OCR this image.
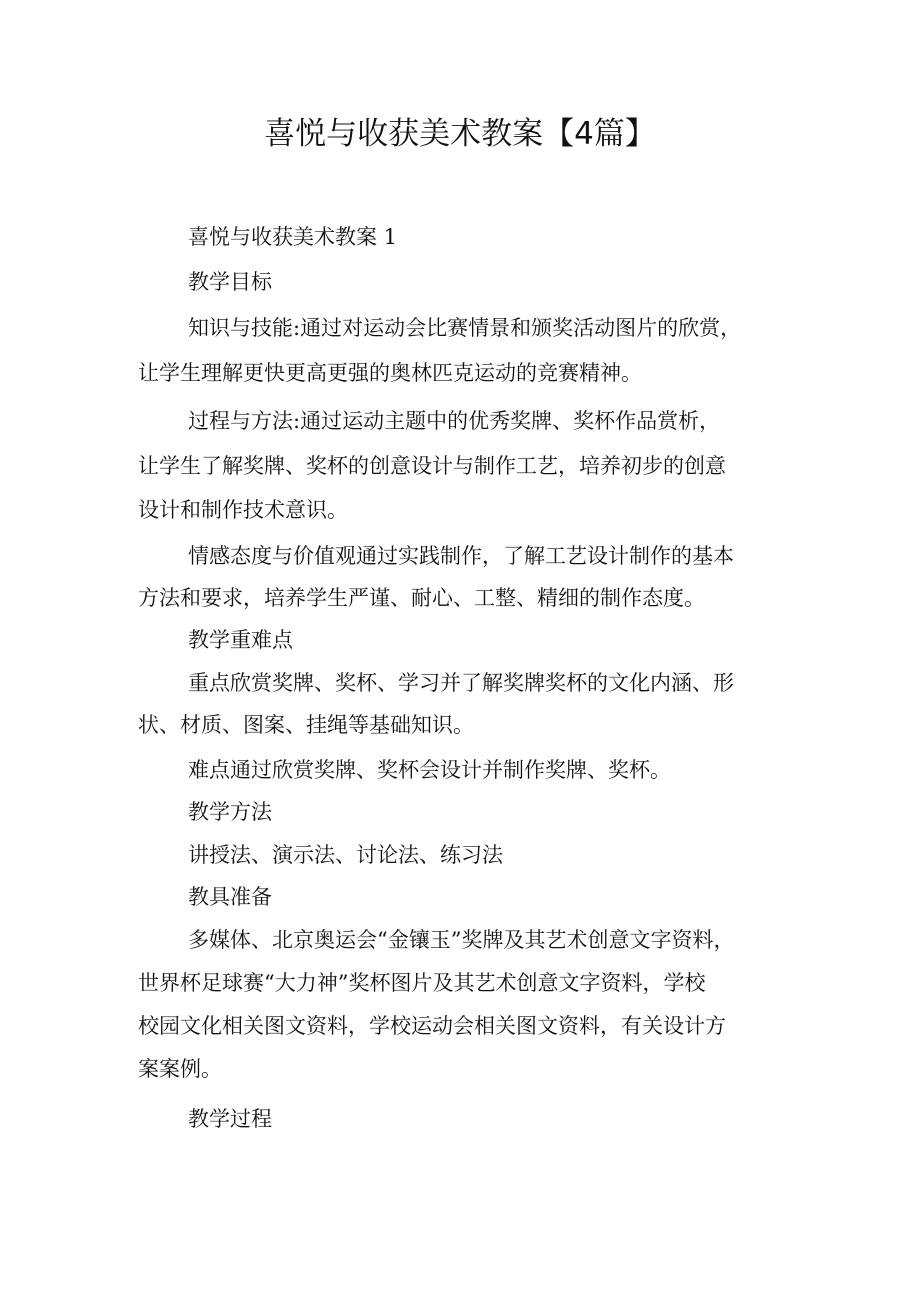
喜悦与收获美术教案【4篇】

喜悦与收获美术教案 1

教学目标

知识与技能:通过对运动会比赛情景和颁奖活动图片的欣赏，

让学生理解更快更高更强的奥林匹克运动的竞赛精神。

过程与方法:通过运动主题中的优秀奖牌、奖杯作品赏析，

让学生了解奖牌、奖杯的创意设计与制作工艺，培养初步的创意

设计和制作技术意识。

情感态度与价值观通过实践制作，了解工艺设计制作的基本

方法和要求，培养学生严谨、耐心、工整、精细的制作态度。

教学重难点

重点欣赏奖牌、奖杯、学习并了解奖牌奖杯的文化内涵、形

状、材质、图案、挂绳等基础知识。

难点通过欣赏奖牌、奖杯会设计并制作奖牌、奖杯。

教学方法

讲授法、演示法、讨论法、练习法

教具准备

多媒体、北京奥运会“金镶玉”奖牌及其艺术创意文字资料，

世界杯足球赛“大力神”奖杯图片及其艺术创意文字资料，学校

校园文化相关图文资料，学校运动会相关图文资料，有关设计方

案案例。

教学过程
